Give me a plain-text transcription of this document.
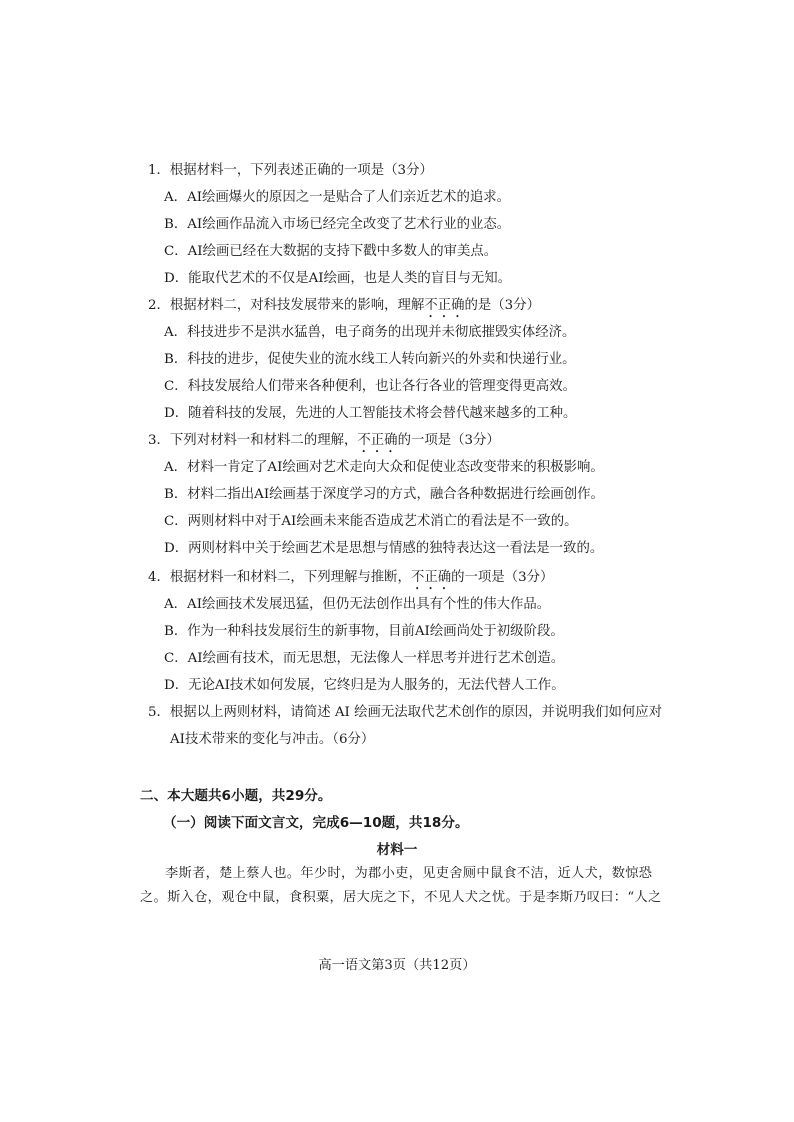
1．根据材料一，下列表述正确的一项是（3分）
A．AI绘画爆火的原因之一是贴合了人们亲近艺术的追求。
B．AI绘画作品流入市场已经完全改变了艺术行业的业态。
C．AI绘画已经在大数据的支持下戳中多数人的审美点。
D．能取代艺术的不仅是AI绘画，也是人类的盲目与无知。
2．根据材料二，对科技发展带来的影响，理解不正确的是（3分）
A．科技进步不是洪水猛兽，电子商务的出现并未彻底摧毁实体经济。
B．科技的进步，促使失业的流水线工人转向新兴的外卖和快递行业。
C．科技发展给人们带来各种便利，也让各行各业的管理变得更高效。
D．随着科技的发展，先进的人工智能技术将会替代越来越多的工种。
3．下列对材料一和材料二的理解，不正确的一项是（3分）
A．材料一肯定了AI绘画对艺术走向大众和促使业态改变带来的积极影响。
B．材料二指出AI绘画基于深度学习的方式，融合各种数据进行绘画创作。
C．两则材料中对于AI绘画未来能否造成艺术消亡的看法是不一致的。
D．两则材料中关于绘画艺术是思想与情感的独特表达这一看法是一致的。
4．根据材料一和材料二，下列理解与推断，不正确的一项是（3分）
A．AI绘画技术发展迅猛，但仍无法创作出具有个性的伟大作品。
B．作为一种科技发展衍生的新事物，目前AI绘画尚处于初级阶段。
C．AI绘画有技术，而无思想，无法像人一样思考并进行艺术创造。
D．无论AI技术如何发展，它终归是为人服务的，无法代替人工作。
5．根据以上两则材料，请简述 AI 绘画无法取代艺术创作的原因，并说明我们如何应对
AI技术带来的变化与冲击。（6分）
二、本大题共6小题，共29分。
（一）阅读下面文言文，完成6—10题，共18分。
材料一
李斯者，楚上蔡人也。年少时，为郡小吏，见吏舍厕中鼠食不洁，近人犬，数惊恐
之。斯入仓，观仓中鼠，食积粟，居大庑之下，不见人犬之忧。于是李斯乃叹曰：“人之
高一语文第3页（共12页）
